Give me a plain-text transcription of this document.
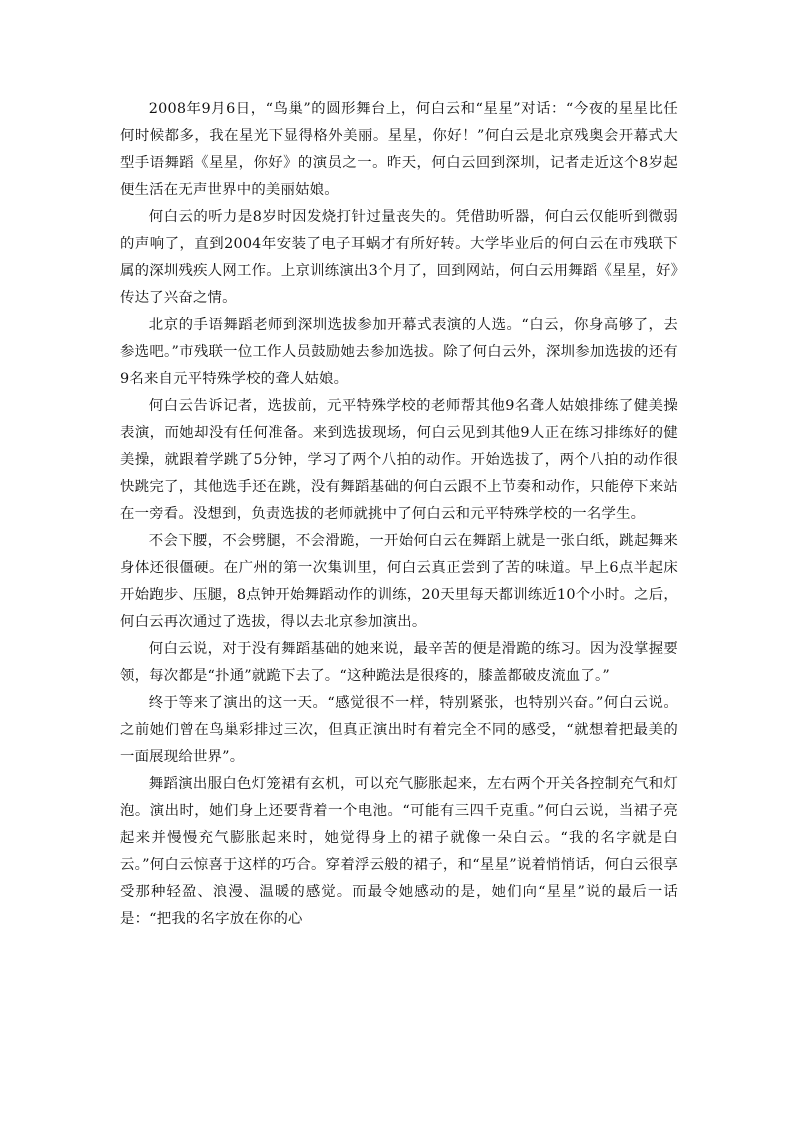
2008年9月6日，“鸟巢”的圆形舞台上，何白云和“星星”对话：“今夜的星星比任何时候都多，我在星光下显得格外美丽。星星，你好！”何白云是北京残奥会开幕式大型手语舞蹈《星星，你好》的演员之一。昨天，何白云回到深圳，记者走近这个8岁起便生活在无声世界中的美丽姑娘。

何白云的听力是8岁时因发烧打针过量丧失的。凭借助听器，何白云仅能听到微弱的声响了，直到2004年安装了电子耳蜗才有所好转。大学毕业后的何白云在市残联下属的深圳残疾人网工作。上京训练演出3个月了，回到网站，何白云用舞蹈《星星，好》传达了兴奋之情。

北京的手语舞蹈老师到深圳选拔参加开幕式表演的人选。“白云，你身高够了，去参选吧。”市残联一位工作人员鼓励她去参加选拔。除了何白云外，深圳参加选拔的还有9名来自元平特殊学校的聋人姑娘。

何白云告诉记者，选拔前，元平特殊学校的老师帮其他9名聋人姑娘排练了健美操表演，而她却没有任何准备。来到选拔现场，何白云见到其他9人正在练习排练好的健美操，就跟着学跳了5分钟，学习了两个八拍的动作。开始选拔了，两个八拍的动作很快跳完了，其他选手还在跳，没有舞蹈基础的何白云跟不上节奏和动作，只能停下来站在一旁看。没想到，负责选拔的老师就挑中了何白云和元平特殊学校的一名学生。

不会下腰，不会劈腿，不会滑跪，一开始何白云在舞蹈上就是一张白纸，跳起舞来身体还很僵硬。在广州的第一次集训里，何白云真正尝到了苦的味道。早上6点半起床开始跑步、压腿，8点钟开始舞蹈动作的训练，20天里每天都训练近10个小时。之后，何白云再次通过了选拔，得以去北京参加演出。

何白云说，对于没有舞蹈基础的她来说，最辛苦的便是滑跪的练习。因为没掌握要领，每次都是“扑通”就跪下去了。“这种跪法是很疼的，膝盖都破皮流血了。”

终于等来了演出的这一天。“感觉很不一样，特别紧张，也特别兴奋。”何白云说。之前她们曾在鸟巢彩排过三次，但真正演出时有着完全不同的感受，“就想着把最美的一面展现给世界”。

舞蹈演出服白色灯笼裙有玄机，可以充气膨胀起来，左右两个开关各控制充气和灯泡。演出时，她们身上还要背着一个电池。“可能有三四千克重。”何白云说，当裙子亮起来并慢慢充气膨胀起来时，她觉得身上的裙子就像一朵白云。“我的名字就是白云。”何白云惊喜于这样的巧合。穿着浮云般的裙子，和“星星”说着悄悄话，何白云很享受那种轻盈、浪漫、温暖的感觉。而最令她感动的是，她们向“星星”说的最后一话是：“把我的名字放在你的心
